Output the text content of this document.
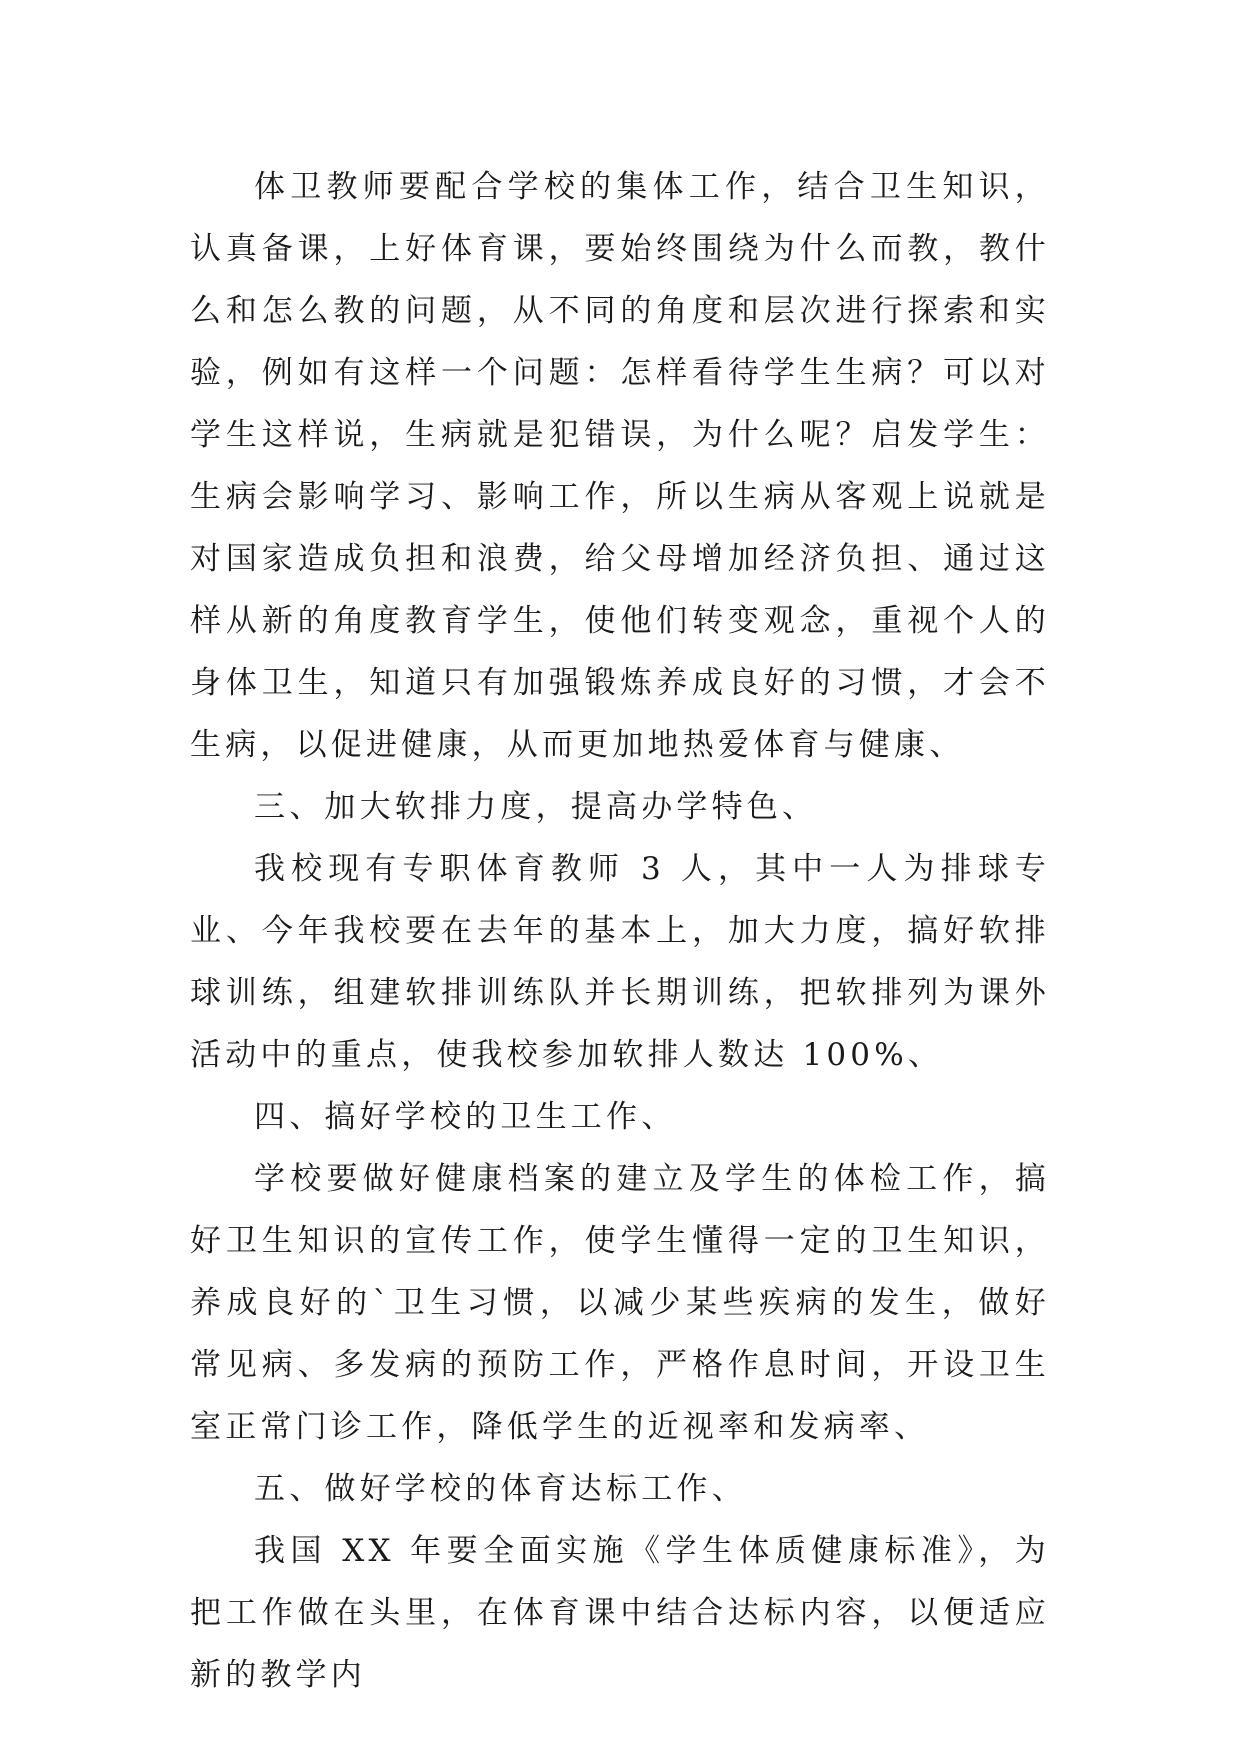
体卫教师要配合学校的集体工作，结合卫生知识，认真备课，上好体育课，要始终围绕为什么而教，教什么和怎么教的问题，从不同的角度和层次进行探索和实验，例如有这样一个问题：怎样看待学生生病？可以对学生这样说，生病就是犯错误，为什么呢？启发学生：生病会影响学习、影响工作，所以生病从客观上说就是对国家造成负担和浪费，给父母增加经济负担、通过这样从新的角度教育学生，使他们转变观念，重视个人的身体卫生，知道只有加强锻炼养成良好的习惯，才会不生病，以促进健康，从而更加地热爱体育与健康、

三、加大软排力度，提高办学特色、

我校现有专职体育教师 3 人，其中一人为排球专业、今年我校要在去年的基本上，加大力度，搞好软排球训练，组建软排训练队并长期训练，把软排列为课外活动中的重点，使我校参加软排人数达 100%、

四、搞好学校的卫生工作、

学校要做好健康档案的建立及学生的体检工作，搞好卫生知识的宣传工作，使学生懂得一定的卫生知识，养成良好的`卫生习惯，以减少某些疾病的发生，做好常见病、多发病的预防工作，严格作息时间，开设卫生室正常门诊工作，降低学生的近视率和发病率、

五、做好学校的体育达标工作、

我国 XX 年要全面实施《学生体质健康标准》，为把工作做在头里，在体育课中结合达标内容，以便适应新的教学内
